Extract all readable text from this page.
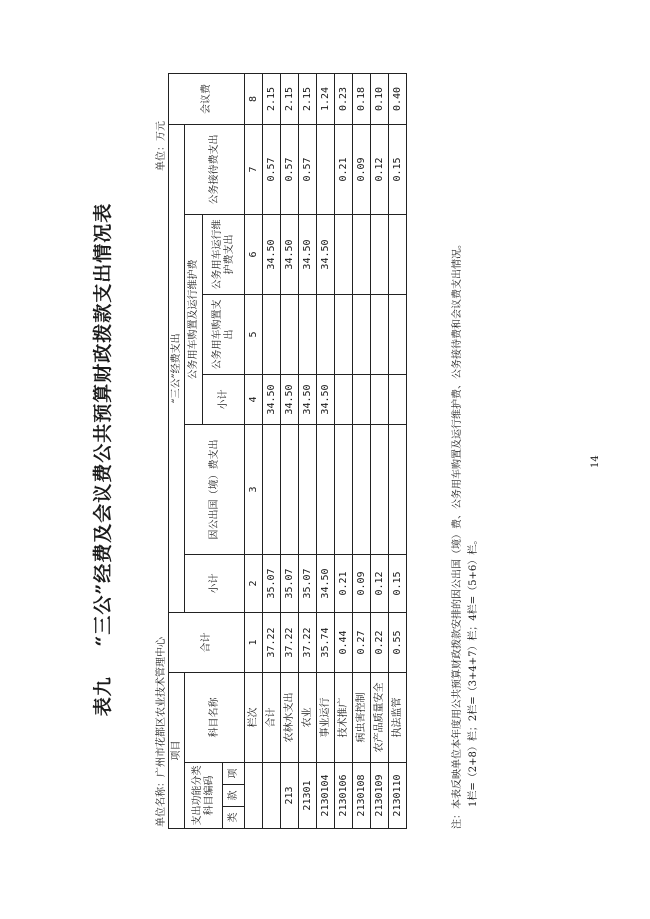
表九 “三公”经费及会议费公共预算财政拨款支出情况表
单位名称：广州市花都区农业技术管理中心
单位：万元
项目				合计	“三公”经费支出						会议费
支出功能分类科目编码			科目名称		小计	因公出国（境）费支出	公务用车购置及运行维护费			公务接待费支出	
							小计	公务用车购置支出	公务用车运行维护费支出		
类	款	项									
			栏次	1	2	3	4	5	6	7	8
			合计	37.22	35.07		34.50		34.50	0.57	2.15
213			农林水支出	37.22	35.07		34.50		34.50	0.57	2.15
21301			农业	37.22	35.07		34.50		34.50	0.57	2.15
2130104			事业运行	35.74	34.50		34.50		34.50		1.24
2130106			技术推广	0.44	0.21					0.21	0.23
2130108			病虫害控制	0.27	0.09					0.09	0.18
2130109			农产品质量安全	0.22	0.12					0.12	0.10
2130110			执法监管	0.55	0.15					0.15	0.40
注：本表反映单位本年度用公共预算财政拨款安排的因公出国（境）费、公务用车购置及运行维护费、公务接待费和会议费支出情况。 1栏=（2+8）栏；2栏=（3+4+7）栏；4栏=（5+6）栏。
14
